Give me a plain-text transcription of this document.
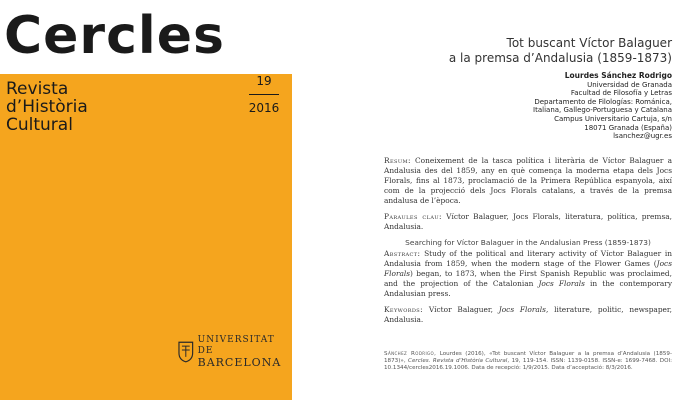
Cercles
Revista
d’Història
Cultural
19
2016
UNIVERSITAT DE
BARCELONA
Tot buscant Víctor Balaguer
a la premsa d’Andalusia (1859-1873)
Lourdes Sánchez Rodrigo
Universidad de Granada
Facultad de Filosofía y Letras
Departamento de Filologías: Románica,
Italiana, Gallego-Portuguesa y Catalana
Campus Universitario Cartuja, s/n
18071 Granada (España)
lsanchez@ugr.es

Resum: Coneixement de la tasca política i literària de Víctor Balaguer a Andalusia des del 1859, any en què comença la moderna etapa dels Jocs Florals, fins al 1873, proclamació de la Primera República espanyola, així com de la projecció dels Jocs Florals catalans, a través de la premsa andalusa de l’època.

Paraules clau: Víctor Balaguer, Jocs Florals, literatura, política, premsa, Andalusia.

Searching for Víctor Balaguer in the Andalusian Press (1859-1873)

Abstract: Study of the political and literary activity of Víctor Balaguer in Andalusia from 1859, when the modern stage of the Flower Games (Jocs Florals) began, to 1873, when the First Spanish Republic was proclaimed, and the projection of the Catalonian Jocs Florals in the contemporary Andalusian press.

Keywords: Víctor Balaguer, Jocs Florals, literature, politic, newspaper, Andalusia.

Sánchez Rodrigo, Lourdes (2016), «Tot buscant Víctor Balaguer a la premsa d’Andalusia (1859-1873)», Cercles. Revista d’Història Cultural, 19, 119-154. ISSN: 1139-0158. ISSN-e: 1699-7468. DOI: 10.1344/cercles2016.19.1006. Data de recepció: 1/9/2015. Data d’acceptació: 8/3/2016.
